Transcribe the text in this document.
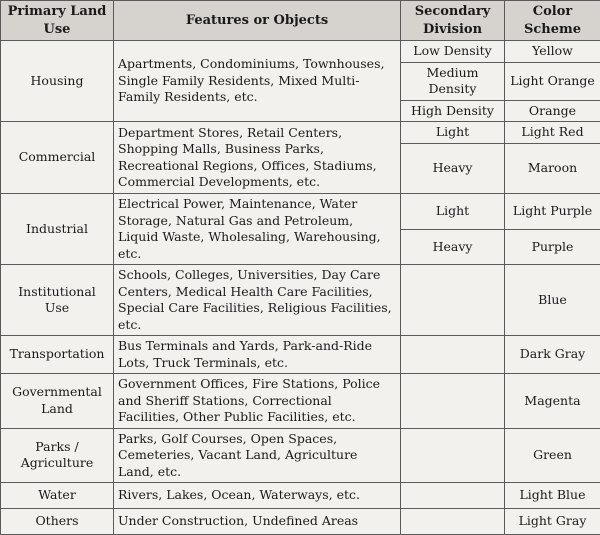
Primary Land Use	Features or Objects	Secondary Division	Color Scheme
Housing	Apartments, Condominiums, Townhouses, Single Family Residents, Mixed Multi-Family Residents, etc.	Low Density	Yellow
		Medium Density	Light Orange
		High Density	Orange
Commercial	Department Stores, Retail Centers, Shopping Malls, Business Parks, Recreational Regions, Offices, Stadiums, Commercial Developments, etc.	Light	Light Red
		Heavy	Maroon
Industrial	Electrical Power, Maintenance, Water Storage, Natural Gas and Petroleum, Liquid Waste, Wholesaling, Warehousing, etc.	Light	Light Purple
		Heavy	Purple
Institutional Use	Schools, Colleges, Universities, Day Care Centers, Medical Health Care Facilities, Special Care Facilities, Religious Facilities, etc.		Blue
Transportation	Bus Terminals and Yards, Park-and-Ride Lots, Truck Terminals, etc.		Dark Gray
Governmental Land	Government Offices, Fire Stations, Police and Sheriff Stations, Correctional Facilities, Other Public Facilities, etc.		Magenta
Parks / Agriculture	Parks, Golf Courses, Open Spaces, Cemeteries, Vacant Land, Agriculture Land, etc.		Green
Water	Rivers, Lakes, Ocean, Waterways, etc.		Light Blue
Others	Under Construction, Undefined Areas		Light Gray
